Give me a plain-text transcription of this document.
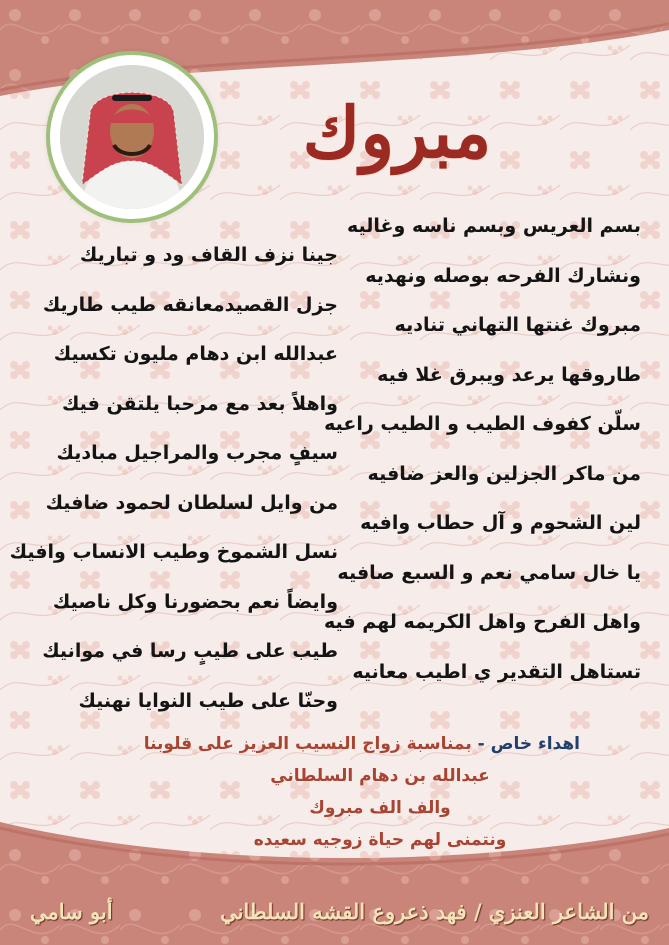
مبروك
بسم العريس وبسم ناسه وغاليه
ونشارك الفرحه بوصله ونهديه
مبروك غنتها التهاني تناديه
طاروقها يرعد ويبرق غلا فيه
سلّن كفوف الطيب و الطيب راعيه
من ماكر الجزلين والعز ضافيه
لين الشحوم و آل حطاب وافيه
يا خال سامي نعم و السبع صافيه
واهل الفرح واهل الكريمه لهم فيه
تستاهل التقدير ي اطيب معانيه
جينا نزف القاف ود و تباريك
جزل القصيدمعانقه طيب طاريك
عبدالله ابن دهام مليون تكسيك
واهلاً بعد مع مرحبا يلتقن فيك
سيفٍ مجرب والمراجيل مباديك
من وايل لسلطان لحمود ضافيك
نسل الشموخ وطيب الانساب وافيك
وايضاً نعم بحضورنا وكل ناصيك
طيب على طيبٍ رسا في موانيك
وحنّا على طيب النوايا نهنيك
اهداء خاص - بمناسبة زواج النسيب العزيز على قلوبنا
عبدالله بن دهام السلطاني
والف الف مبروك
ونتمنى لهم حياة زوجيه سعيده
من الشاعر العنزي / فهد ذعروع القشه السلطاني
أبو سامي
